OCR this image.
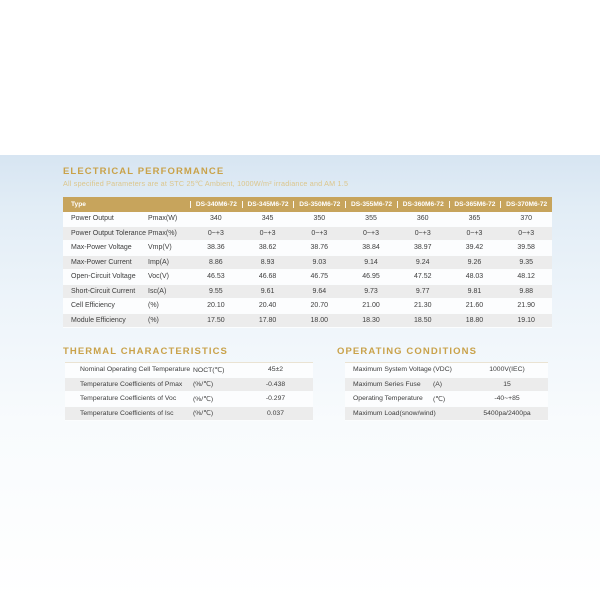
ELECTRICAL PERFORMANCE
All specified Parameters are at STC 25℃ Ambient, 1000W/m² irradiance and AM 1.5
Type	DS-340M6-72	DS-345M6-72	DS-350M6-72	DS-355M6-72	DS-360M6-72	DS-365M6-72	DS-370M6-72
Power Output	Pmax(W)	340	345	350	355	360	365	370
Power Output Tolerance Pmax(%)	0~+3	0~+3	0~+3	0~+3	0~+3	0~+3	0~+3
Max-Power Voltage	Vmp(V)	38.36	38.62	38.76	38.84	38.97	39.42	39.58
Max-Power Current	Imp(A)	8.86	8.93	9.03	9.14	9.24	9.26	9.35
Open-Circuit Voltage	Voc(V)	46.53	46.68	46.75	46.95	47.52	48.03	48.12
Short-Circuit Current	Isc(A)	9.55	9.61	9.64	9.73	9.77	9.81	9.88
Cell Efficiency	(%)	20.10	20.40	20.70	21.00	21.30	21.60	21.90
Module Efficiency	(%)	17.50	17.80	18.00	18.30	18.50	18.80	19.10
THERMAL CHARACTERISTICS
Nominal Operating Cell Temperature NOCT(℃)	45±2
Temperature Coefficients of Pmax	(%/℃)	-0.438
Temperature Coefficients of Voc	(%/℃)	-0.297
Temperature Coefficients of Isc	(%/℃)	0.037
OPERATING CONDITIONS
Maximum System Voltage (VDC)	1000V(IEC)
Maximum Series Fuse	(A)	15
Operating Temperature	(℃)	-40~+85
Maximum Load(snow/wind)	5400pa/2400pa
